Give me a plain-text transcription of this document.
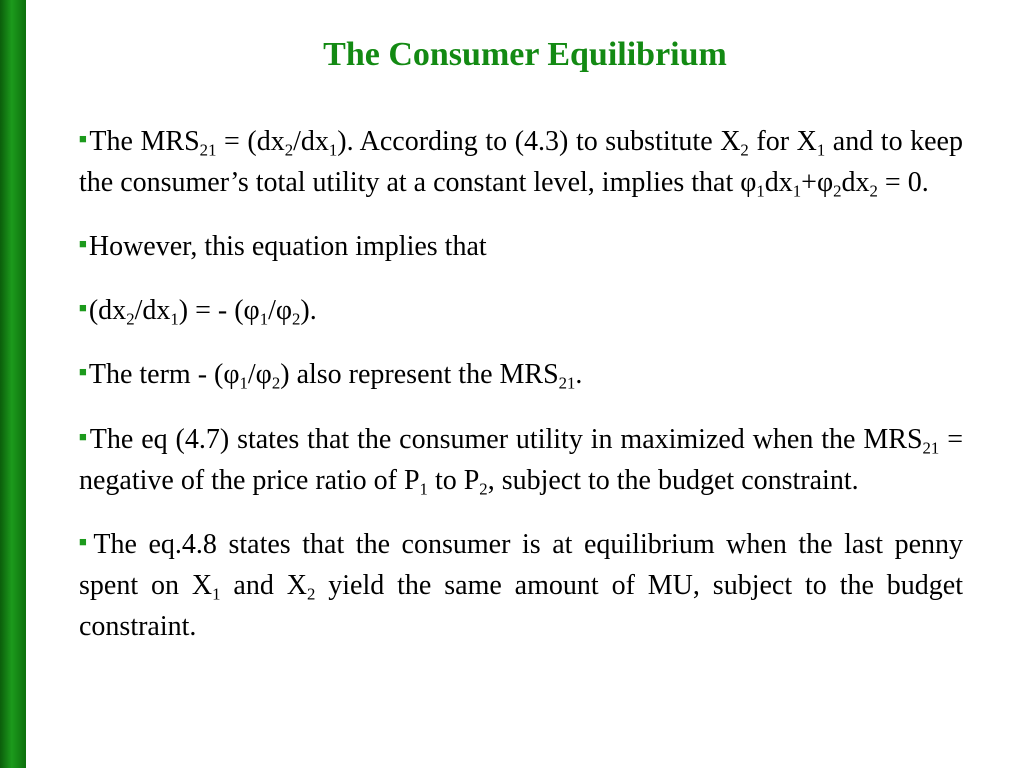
The Consumer Equilibrium

■The $MRS_{21} = (dx_2/dx_1)$. According to (4.3) to substitute $X_2$ for $X_1$ and to keep the consumer’s total utility at a constant level, implies that $\varphi_1dx_1+\varphi_2dx_2 = 0$.

■However, this equation implies that

$^■(dx_2/dx_1)$ = - $(\varphi_1/\varphi_2)$.

■The term - $(\varphi_1/\varphi_2)$ also represent the $MRS_{21}$.

■The eq (4.7) states that the consumer utility in maximized when the $MRS_{21}$ = negative of the price ratio of $P_1$ to $P_2$, subject to the budget constraint.

■The eq.4.8 states that the consumer is at equilibrium when the last penny spent on $X_1$ and $X_2$ yield the same amount of MU, subject to the budget constraint.
